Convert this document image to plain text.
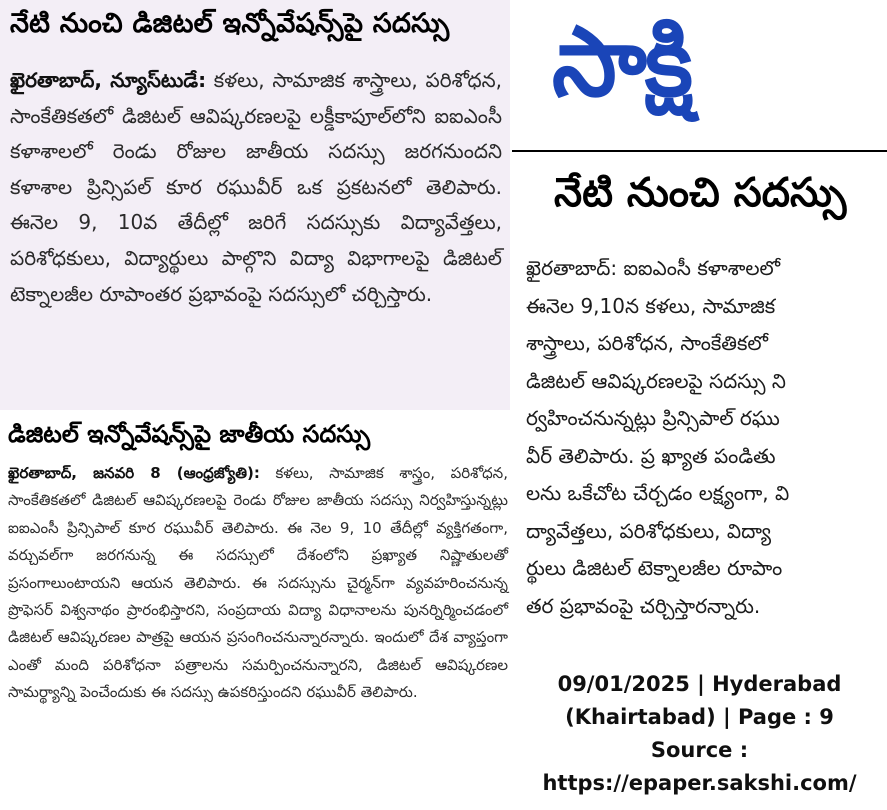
నేటి నుంచి డిజిటల్ ఇన్నోవేషన్స్‌పై సదస్సు
ఖైరతాబాద్, న్యూస్‌టుడే: కళలు, సామాజిక శాస్త్రాలు, పరిశోధన, సాంకేతికతలో డిజిటల్ ఆవిష్కరణలపై లక్డీకాపూల్‌లోని ఐఐఎంసీ కళాశాలలో రెండు రోజుల జాతీయ సదస్సు జరగనుందని కళాశాల ప్రిన్సిపల్ కూర రఘువీర్ ఒక ప్రకటనలో తెలిపారు. ఈనెల 9, 10వ తేదీల్లో జరిగే సదస్సుకు విద్యావేత్తలు, పరిశోధకులు, విద్యార్థులు పాల్గొని విద్యా విభాగాలపై డిజిటల్ టెక్నాలజీల రూపాంతర ప్రభావంపై సదస్సులో చర్చిస్తారు.
డిజిటల్ ఇన్నోవేషన్స్‌పై జాతీయ సదస్సు
ఖైరతాబాద్, జనవరి 8 (ఆంధ్రజ్యోతి): కళలు, సామాజిక శాస్త్రం, పరిశోధన, సాంకేతికతలో డిజిటల్ ఆవిష్కరణలపై రెండు రోజుల జాతీయ సదస్సు నిర్వహిస్తున్నట్లు ఐఐఎంసీ ప్రిన్సిపాల్ కూర రఘువీర్ తెలిపారు. ఈ నెల 9, 10 తేదీల్లో వ్యక్తిగతంగా, వర్చువల్‌గా జరగనున్న ఈ సదస్సులో దేశంలోని ప్రఖ్యాత నిష్ణాతులతో ప్రసంగాలుంటాయని ఆయన తెలిపారు. ఈ సదస్సును చైర్మన్‌గా వ్యవహరించనున్న ప్రొఫెసర్ విశ్వనాథం ప్రారంభిస్తారని, సంప్రదాయ విద్యా విధానాలను పునర్నిర్మించడంలో డిజిటల్ ఆవిష్కరణల పాత్రపై ఆయన ప్రసంగించనున్నారన్నారు. ఇందులో దేశ వ్యాప్తంగా ఎంతో మంది పరిశోధనా పత్రాలను సమర్పించనున్నారని, డిజిటల్ ఆవిష్కరణల సామర్థ్యాన్ని పెంచేందుకు ఈ సదస్సు ఉపకరిస్తుందని రఘువీర్ తెలిపారు.
సాక్షి
నేటి నుంచి సదస్సు

ఖైరతాబాద్: ఐఐఎంసీ కళాశాలలో

ఈనెల 9,10న కళలు, సామాజిక

శాస్త్రాలు, పరిశోధన, సాంకేతికలో

డిజిటల్ ఆవిష్కరణలపై సదస్సు ని

ర్వహించనున్నట్లు ప్రిన్సిపాల్ రఘు

వీర్ తెలిపారు. ప్ర ఖ్యాత పండితు

లను ఒకేచోట చేర్చడం లక్ష్యంగా, వి

ద్యావేత్తలు, పరిశోధకులు, విద్యా

ర్థులు డిజిటల్ టెక్నాలజీల రూపాం

తర ప్రభావంపై చర్చిస్తారన్నారు.

09/01/2025 | Hyderabad
(Khairtabad) | Page : 9
Source :
https://epaper.sakshi.com/
